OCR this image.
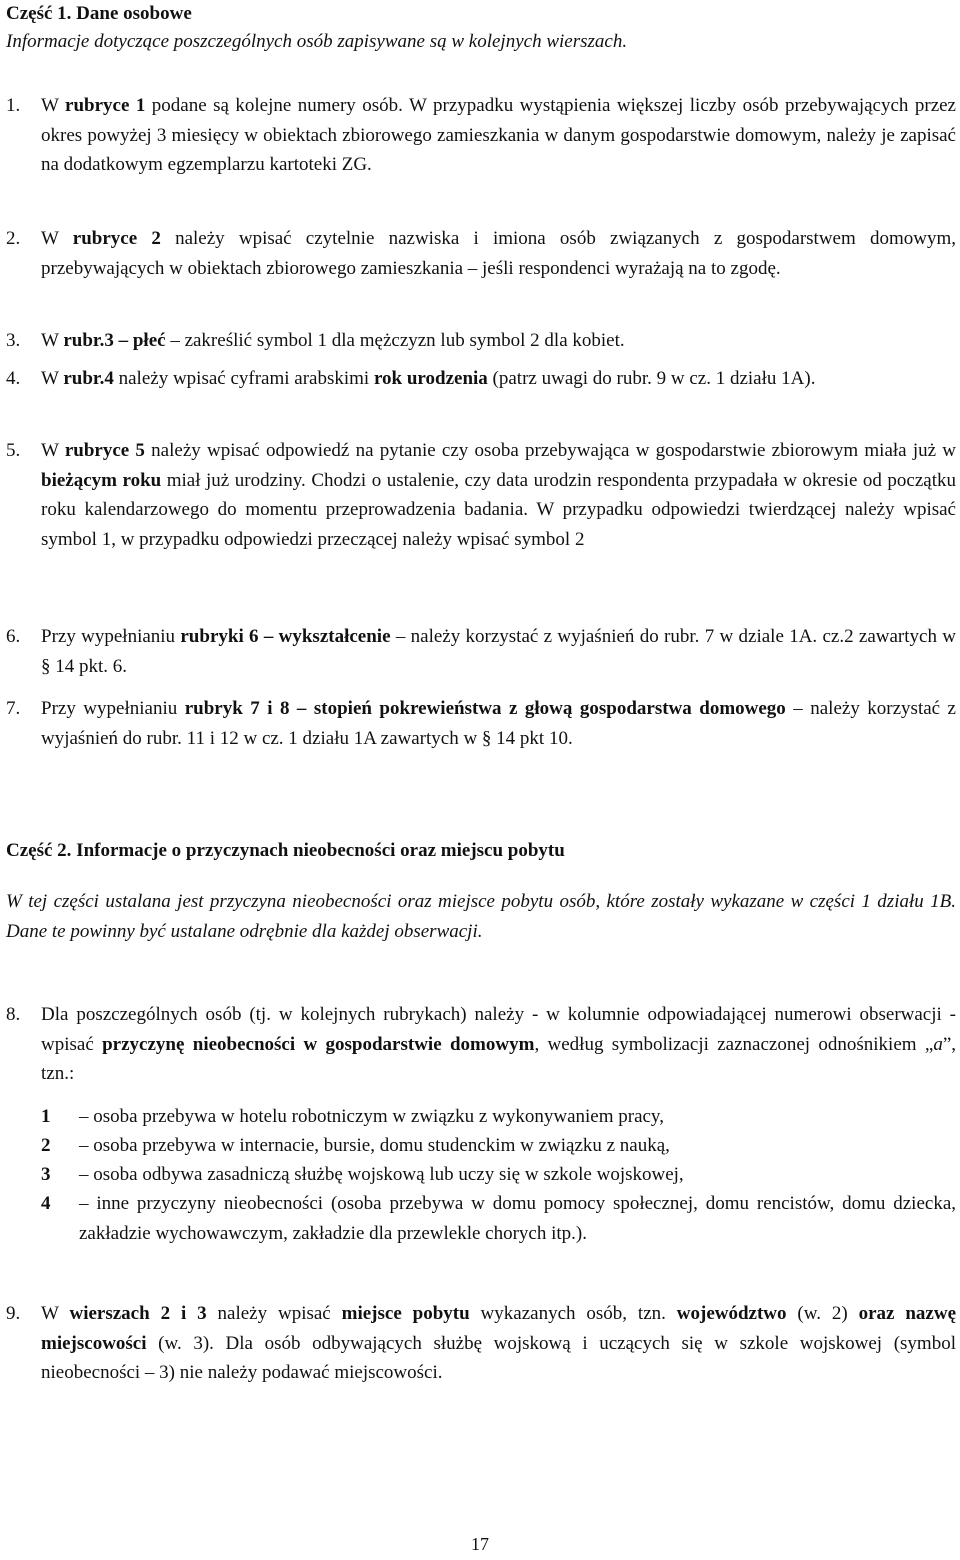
Część 1. Dane osobowe
Informacje dotyczące poszczególnych osób zapisywane są w kolejnych wierszach.
1. W rubryce 1 podane są kolejne numery osób. W przypadku wystąpienia większej liczby osób przebywających przez okres powyżej 3 miesięcy w obiektach zbiorowego zamieszkania w danym gospodarstwie domowym, należy je zapisać na dodatkowym egzemplarzu kartoteki ZG.
2. W rubryce 2 należy wpisać czytelnie nazwiska i imiona osób związanych z gospodarstwem domowym, przebywających w obiektach zbiorowego zamieszkania – jeśli respondenci wyrażają na to zgodę.
3. W rubr.3 – płeć – zakreślić symbol 1 dla mężczyzn lub symbol 2 dla kobiet.
4. W rubr.4 należy wpisać cyframi arabskimi rok urodzenia (patrz uwagi do rubr. 9 w cz. 1 działu 1A).
5. W rubryce 5 należy wpisać odpowiedź na pytanie czy osoba przebywająca w gospodarstwie zbiorowym miała już w bieżącym roku miał już urodziny. Chodzi o ustalenie, czy data urodzin respondenta przypadała w okresie od początku roku kalendarzowego do momentu przeprowadzenia badania. W przypadku odpowiedzi twierdzącej należy wpisać symbol 1, w przypadku odpowiedzi przeczącej należy wpisać symbol 2
6. Przy wypełnianiu rubryki 6 – wykształcenie – należy korzystać z wyjaśnień do rubr. 7 w dziale 1A. cz.2 zawartych w § 14 pkt. 6.
7. Przy wypełnianiu rubryk 7 i 8 – stopień pokrewieństwa z głową gospodarstwa domowego – należy korzystać z wyjaśnień do rubr. 11 i 12 w cz. 1 działu 1A zawartych w § 14 pkt 10.
Część 2. Informacje o przyczynach nieobecności oraz miejscu pobytu
W tej części ustalana jest przyczyna nieobecności oraz miejsce pobytu osób, które zostały wykazane w części 1 działu 1B. Dane te powinny być ustalane odrębnie dla każdej obserwacji.
8. Dla poszczególnych osób (tj. w kolejnych rubrykach) należy - w kolumnie odpowiadającej numerowi obserwacji - wpisać przyczynę nieobecności w gospodarstwie domowym, według symbolizacji zaznaczonej odnośnikiem „a”, tzn.:
1 – osoba przebywa w hotelu robotniczym w związku z wykonywaniem pracy,
2 – osoba przebywa w internacie, bursie, domu studenckim w związku z nauką,
3 – osoba odbywa zasadniczą służbę wojskową lub uczy się w szkole wojskowej,
4 – inne przyczyny nieobecności (osoba przebywa w domu pomocy społecznej, domu rencistów, domu dziecka, zakładzie wychowawczym, zakładzie dla przewlekle chorych itp.).
9. W wierszach 2 i 3 należy wpisać miejsce pobytu wykazanych osób, tzn. województwo (w. 2) oraz nazwę miejscowości (w. 3). Dla osób odbywających służbę wojskową i uczących się w szkole wojskowej (symbol nieobecności – 3) nie należy podawać miejscowości.
17
